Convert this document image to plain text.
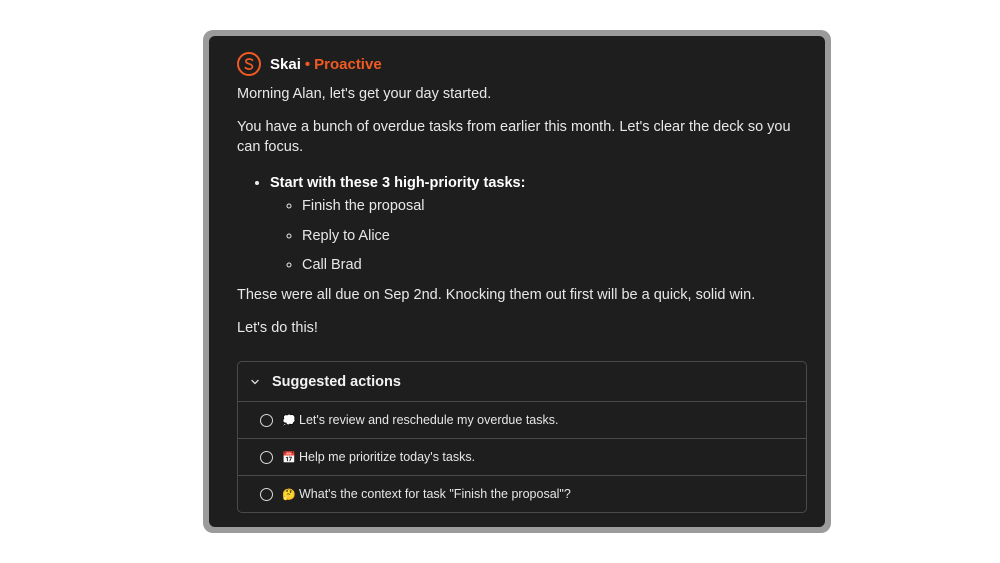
Skai • Proactive

Morning Alan, let's get your day started.

You have a bunch of overdue tasks from earlier this month. Let's clear the deck so you can focus.

• Start with these 3 high-priority tasks:
◦ Finish the proposal
◦ Reply to Alice
◦ Call Brad

These were all due on Sep 2nd. Knocking them out first will be a quick, solid win.

Let's do this!

Suggested actions
💭 Let's review and reschedule my overdue tasks.
📅 Help me prioritize today's tasks.
🤔 What's the context for task "Finish the proposal"?
